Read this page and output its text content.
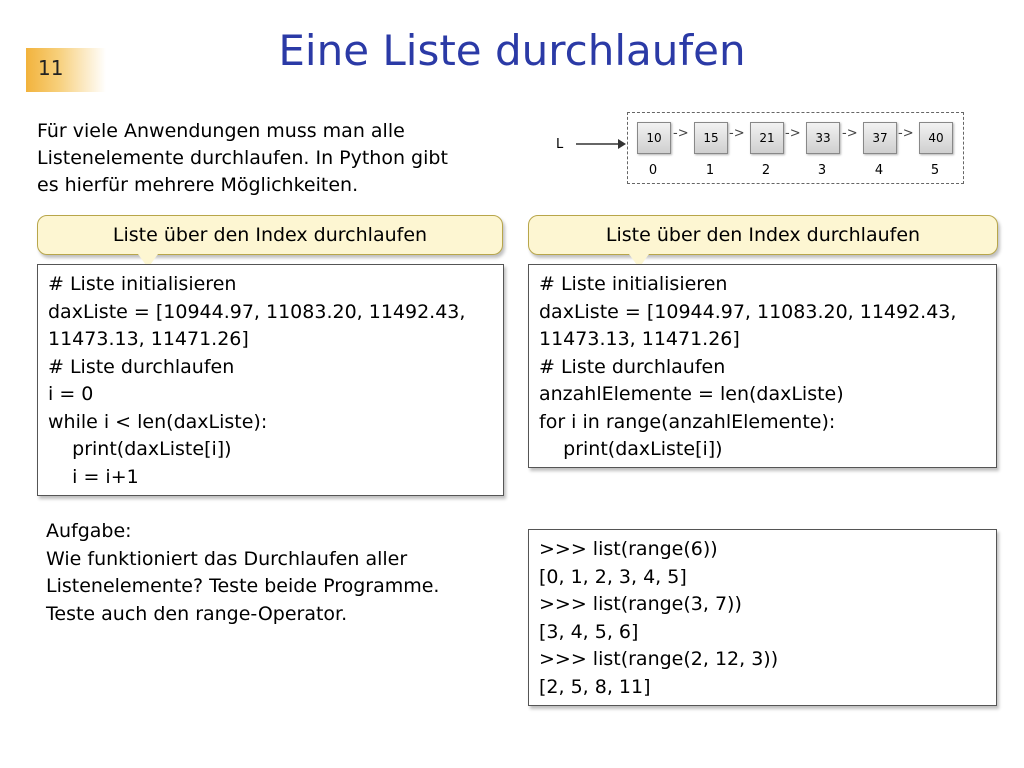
11	Eine Liste durchlaufen
Für viele Anwendungen muss man alle
Listenelemente durchlaufen. In Python gibt
es hierfür mehrere Möglichkeiten.
L	10	15	21	33	37	40
->	->	->	->	->
0	1	2	3	4	5
Liste über den Index durchlaufen	Liste über den Index durchlaufen
# Liste initialisieren
daxListe = [10944.97, 11083.20, 11492.43,
11473.13, 11471.26]
# Liste durchlaufen
i = 0
while i < len(daxListe):
print(daxListe[i])
i = i+1
# Liste initialisieren
daxListe = [10944.97, 11083.20, 11492.43,
11473.13, 11471.26]
# Liste durchlaufen
anzahlElemente = len(daxListe)
for i in range(anzahlElemente):
print(daxListe[i])
Aufgabe:
Wie funktioniert das Durchlaufen aller
Listenelemente? Teste beide Programme.
Teste auch den range-Operator.
>>> list(range(6))
[0, 1, 2, 3, 4, 5]
>>> list(range(3, 7))
[3, 4, 5, 6]
>>> list(range(2, 12, 3))
[2, 5, 8, 11]
